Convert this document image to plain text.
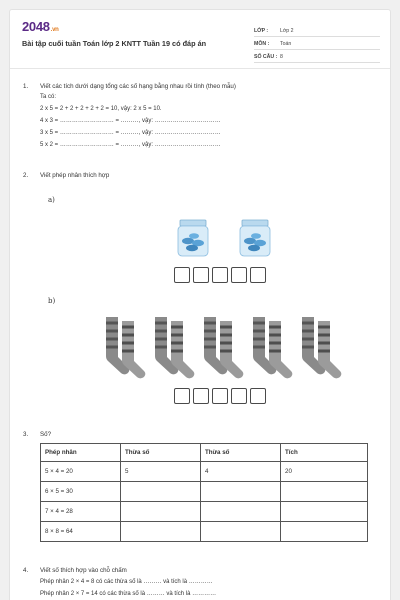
2048.vn
Bài tập cuối tuần Toán lớp 2 KNTT Tuần 19 có đáp án
LỚP :	Lớp 2
MÔN :	Toán
SỐ CÂU : 8
1. Viết các tích dưới dạng tổng các số hạng bằng nhau rồi tính (theo mẫu)
Ta có:
2 x 5 = 2 + 2 + 2 + 2 + 2 = 10, vậy: 2 x 5 = 10.
4 x 3 = ……………………… = ………, vậy: ……………………………
3 x 5 = ……………………… = ………, vậy: ……………………………
5 x 2 = ……………………… = ………, vậy: ……………………………
2. Viết phép nhân thích hợp
a)
b)
3. Số?
Phép nhân	Thừa số	Thừa số	Tích
5 × 4 = 20	5	4	20
6 × 5 = 30			
7 × 4 = 28			
8 × 8 = 64			
4. Viết số thích hợp vào chỗ chấm
Phép nhân 2 × 4 = 8 có các thừa số là ……… và tích là …………
Phép nhân 2 × 7 = 14 có các thừa số là ……… và tích là …………
